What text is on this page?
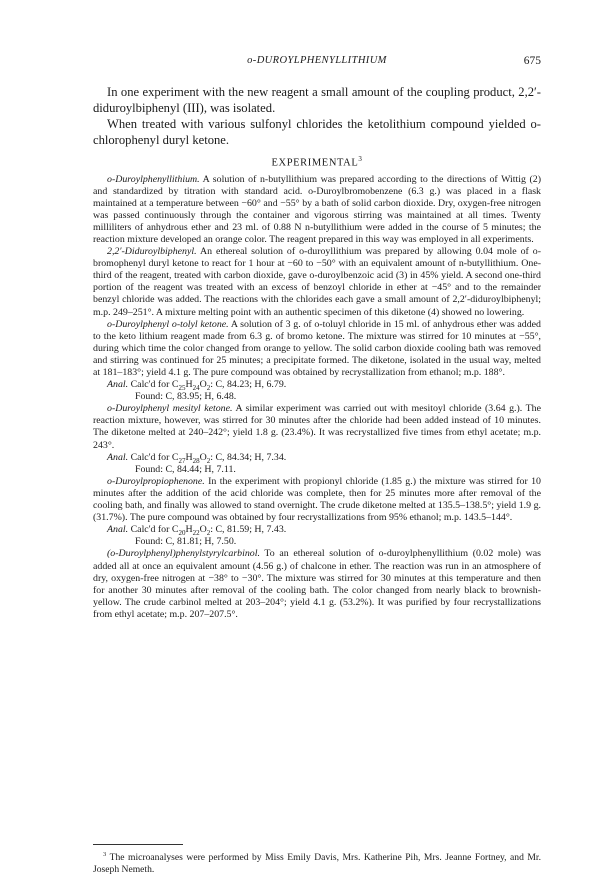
o-DUROYLPHENYLLITHIUM	675

In one experiment with the new reagent a small amount of the coupling product, 2,2′-diduroylbiphenyl (III), was isolated.

When treated with various sulfonyl chlorides the ketolithium compound yielded o-chlorophenyl duryl ketone.

EXPERIMENTAL$^3$

o-Duroylphenyllithium. A solution of n-butyllithium was prepared according to the directions of Wittig (2) and standardized by titration with standard acid. o-Duroylbromobenzene (6.3 g.) was placed in a flask maintained at a temperature between −60° and −55° by a bath of solid carbon dioxide. Dry, oxygen-free nitrogen was passed continuously through the container and vigorous stirring was maintained at all times. Twenty milliliters of anhydrous ether and 23 ml. of 0.88 N n-butyllithium were added in the course of 5 minutes; the reaction mixture developed an orange color. The reagent prepared in this way was employed in all experiments.

2,2′-Diduroylbiphenyl. An ethereal solution of o-duroyllithium was prepared by allowing 0.04 mole of o-bromophenyl duryl ketone to react for 1 hour at −60 to −50° with an equivalent amount of n-butyllithium. One-third of the reagent, treated with carbon dioxide, gave o-duroylbenzoic acid (3) in 45% yield. A second one-third portion of the reagent was treated with an excess of benzoyl chloride in ether at −45° and to the remainder benzyl chloride was added. The reactions with the chlorides each gave a small amount of 2,2′-diduroylbiphenyl; m.p. 249–251°. A mixture melting point with an authentic specimen of this diketone (4) showed no lowering.

o-Duroylphenyl o-tolyl ketone. A solution of 3 g. of o-toluyl chloride in 15 ml. of anhydrous ether was added to the keto lithium reagent made from 6.3 g. of bromo ketone. The mixture was stirred for 10 minutes at −55°, during which time the color changed from orange to yellow. The solid carbon dioxide cooling bath was removed and stirring was continued for 25 minutes; a precipitate formed. The diketone, isolated in the usual way, melted at 181–183°; yield 4.1 g. The pure compound was obtained by recrystallization from ethanol; m.p. 188°.

Anal. Calc'd for $C_{25}H_{24}O_2$: C, 84.23; H, 6.79.

Found: C, 83.95; H, 6.48.

o-Duroylphenyl mesityl ketone. A similar experiment was carried out with mesitoyl chloride (3.64 g.). The reaction mixture, however, was stirred for 30 minutes after the chloride had been added instead of 10 minutes. The diketone melted at 240–242°; yield 1.8 g. (23.4%). It was recrystallized five times from ethyl acetate; m.p. 243°.

Anal. Calc'd for $C_{27}H_{28}O_2$: C, 84.34; H, 7.34.

Found: C, 84.44; H, 7.11.

o-Duroylpropiophenone. In the experiment with propionyl chloride (1.85 g.) the mixture was stirred for 10 minutes after the addition of the acid chloride was complete, then for 25 minutes more after removal of the cooling bath, and finally was allowed to stand overnight. The crude diketone melted at 135.5–138.5°; yield 1.9 g. (31.7%). The pure compound was obtained by four recrystallizations from 95% ethanol; m.p. 143.5–144°.

Anal. Calc'd for $C_{20}H_{22}O_2$: C, 81.59; H, 7.43.

Found: C, 81.81; H, 7.50.

(o-Duroylphenyl)phenylstyrylcarbinol. To an ethereal solution of o-duroylphenyllithium (0.02 mole) was added all at once an equivalent amount (4.56 g.) of chalcone in ether. The reaction was run in an atmosphere of dry, oxygen-free nitrogen at −38° to −30°. The mixture was stirred for 30 minutes at this temperature and then for another 30 minutes after removal of the cooling bath. The color changed from nearly black to brownish-yellow. The crude carbinol melted at 203–204°; yield 4.1 g. (53.2%). It was purified by four recrystallizations from ethyl acetate; m.p. 207–207.5°.

$^3$ The microanalyses were performed by Miss Emily Davis, Mrs. Katherine Pih, Mrs. Jeanne Fortney, and Mr. Joseph Nemeth.
